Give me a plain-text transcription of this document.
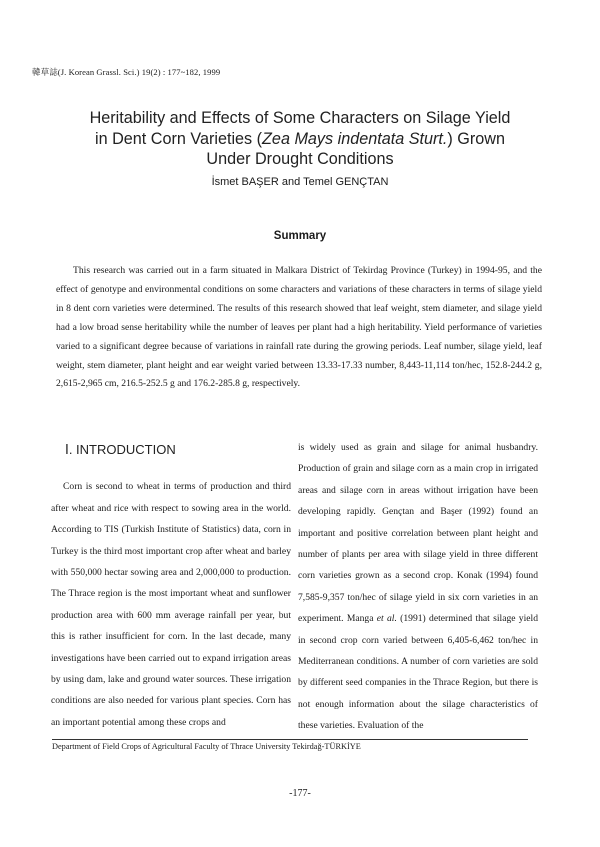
韓草誌(J. Korean Grassl. Sci.) 19(2) : 177~182, 1999
Heritability and Effects of Some Characters on Silage Yield
in Dent Corn Varieties (Zea Mays indentata Sturt.) Grown
Under Drought Conditions
İsmet BAŞER and Temel GENÇTAN
Summary
This research was carried out in a farm situated in Malkara District of Tekirdag Province (Turkey) in 1994-95, and the effect of genotype and environmental conditions on some characters and variations of these characters in terms of silage yield in 8 dent corn varieties were determined. The results of this research showed that leaf weight, stem diameter, and silage yield had a low broad sense heritability while the number of leaves per plant had a high heritability. Yield performance of varieties varied to a significant degree because of variations in rainfall rate during the growing periods. Leaf number, silage yield, leaf weight, stem diameter, plant height and ear weight varied between 13.33-17.33 number, 8,443-11,114 ton/hec, 152.8-244.2 g, 2,615-2,965 cm, 216.5-252.5 g and 176.2-285.8 g, respectively.
Ⅰ. INTRODUCTION

Corn is second to wheat in terms of production and third after wheat and rice with respect to sowing area in the world. According to TIS (Turkish Institute of Statistics) data, corn in Turkey is the third most important crop after wheat and barley with 550,000 hectar sowing area and 2,000,000 to production. The Thrace region is the most important wheat and sunflower production area with 600 mm average rainfall per year, but this is rather insufficient for corn. In the last decade, many investigations have been carried out to expand irrigation areas by using dam, lake and ground water sources. These irrigation conditions are also needed for various plant species. Corn has an important potential among these crops and

is widely used as grain and silage for animal husbandry. Production of grain and silage corn as a main crop in irrigated areas and silage corn in areas without irrigation have been developing rapidly. Gençtan and Başer (1992) found an important and positive correlation between plant height and number of plants per area with silage yield in three different corn varieties grown as a second crop. Konak (1994) found 7,585-9,357 ton/hec of silage yield in six corn varieties in an experiment. Manga et al. (1991) determined that silage yield in second crop corn varied between 6,405-6,462 ton/hec in Mediterranean conditions. A number of corn varieties are sold by different seed companies in the Thrace Region, but there is not enough information about the silage characteristics of these varieties. Evaluation of the

Department of Field Crops of Agricultural Faculty of Thrace University Tekirdağ-TÜRKİYE
-177-
